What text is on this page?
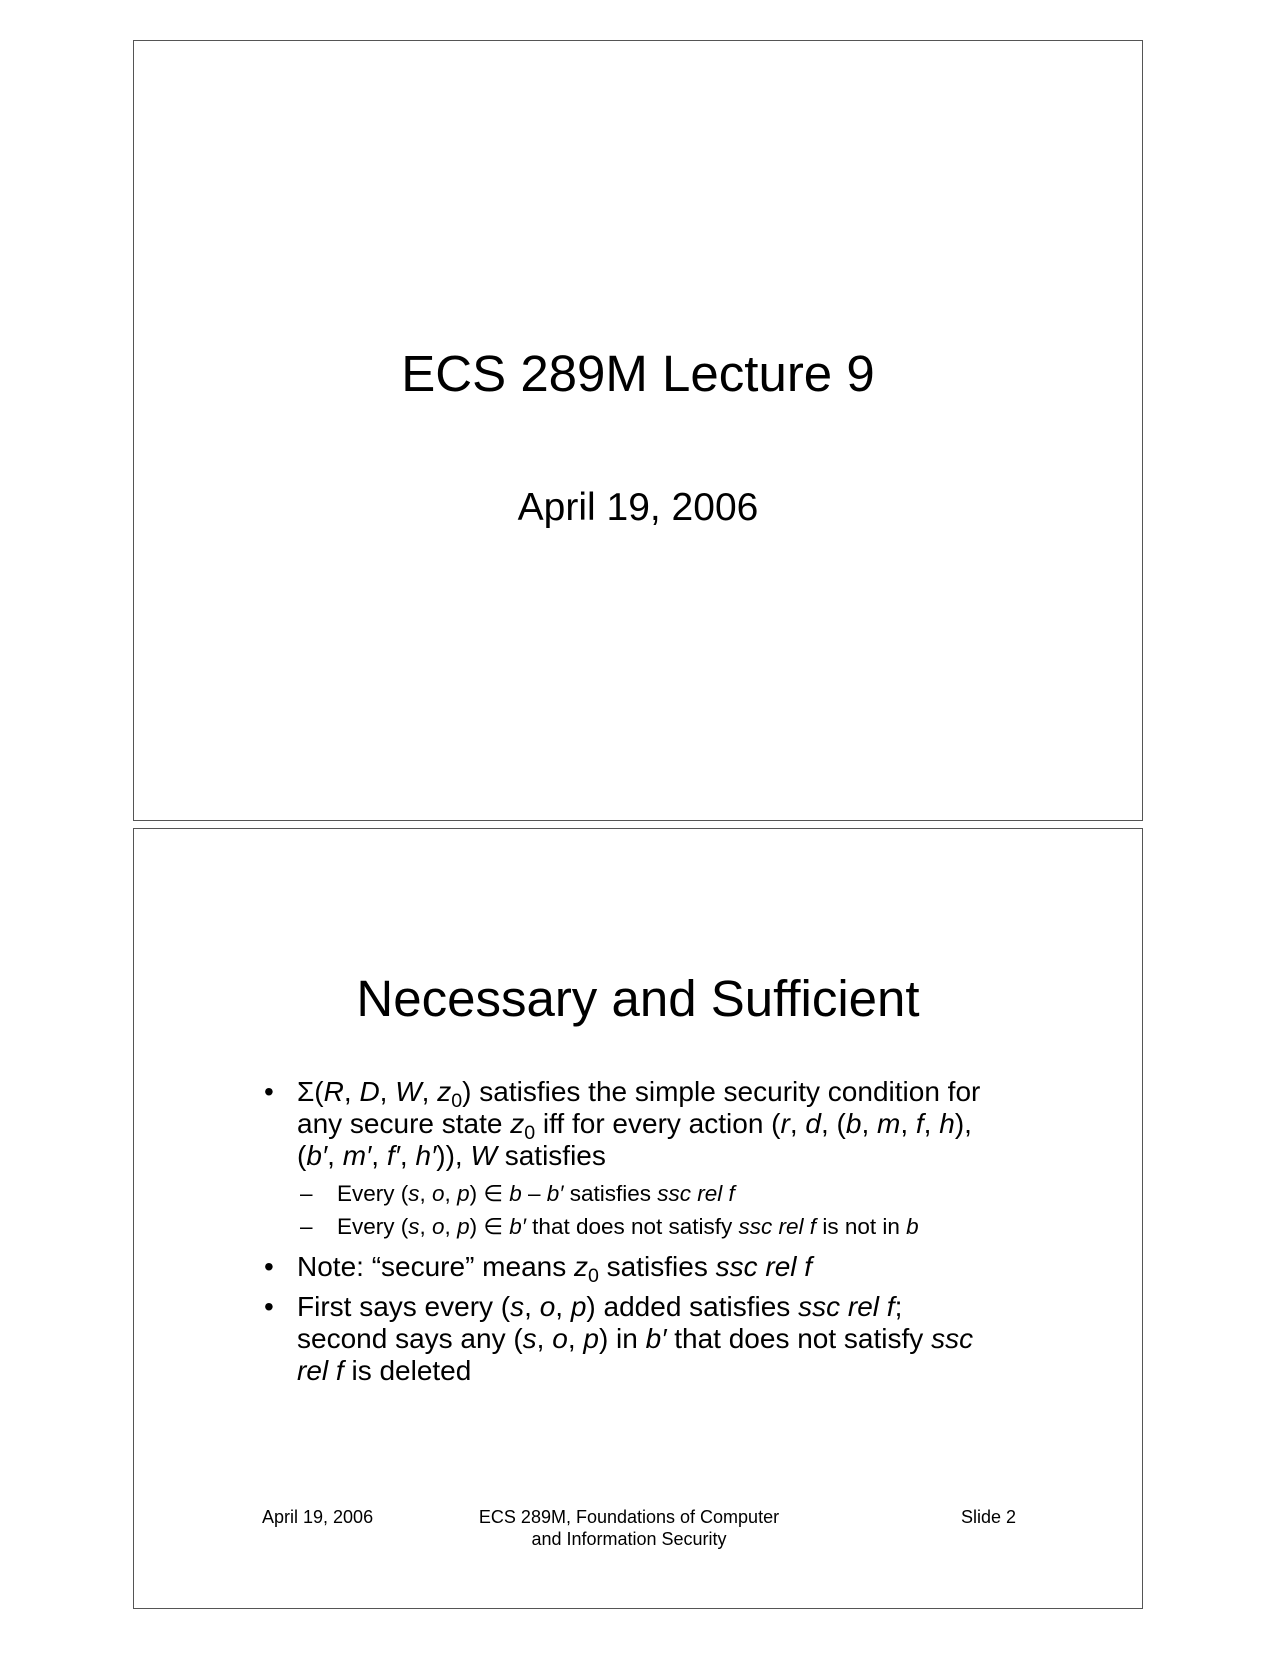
ECS 289M Lecture 9
April 19, 2006
Necessary and Sufficient
• Σ(R, D, W, $z_0$) satisfies the simple security condition for any secure state $z_0$ iff for every action (r, d, (b, m, f, h), (b′, m′, f′, h′)), W satisfies
– Every (s, o, p) ∈ b – b′ satisfies ssc rel f
– Every (s, o, p) ∈ b′ that does not satisfy ssc rel f is not in b
• Note: “secure” means $z_0$ satisfies ssc rel f
• First says every (s, o, p) added satisfies ssc rel f; second says any (s, o, p) in b′ that does not satisfy ssc rel f is deleted
April 19, 2006	ECS 289M, Foundations of Computer
and Information Security
Slide 2
